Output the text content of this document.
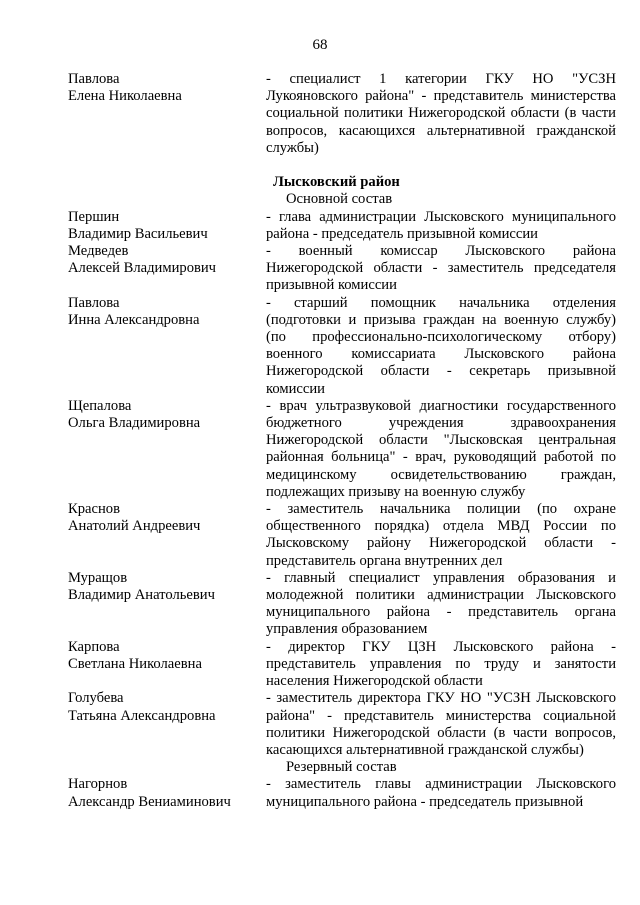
68
Павлова
Елена Николаевна
- специалист 1 категории ГКУ НО "УСЗН Лукояновского района" - представитель министерства социальной политики Нижегородской области (в части вопросов, касающихся альтернативной гражданской службы)
Лысковский район
Основной состав
Першин
Владимир Васильевич
- глава администрации Лысковского муниципального района - председатель призывной комиссии
Медведев
Алексей Владимирович
- военный комиссар Лысковского района Нижегородской области - заместитель председателя призывной комиссии
Павлова
Инна Александровна
- старший помощник начальника отделения (подготовки и призыва граждан на военную службу) (по профессионально-психологическому отбору) военного комиссариата Лысковского района Нижегородской области - секретарь призывной комиссии
Щепалова
Ольга Владимировна
- врач ультразвуковой диагностики государственного бюджетного учреждения здравоохранения Нижегородской области "Лысковская центральная районная больница" - врач, руководящий работой по медицинскому освидетельствованию граждан, подлежащих призыву на военную службу
Краснов
Анатолий Андреевич
- заместитель начальника полиции (по охране общественного порядка) отдела МВД России по Лысковскому району Нижегородской области - представитель органа внутренних дел
Муращов
Владимир Анатольевич
- главный специалист управления образования и молодежной политики администрации Лысковского муниципального района - представитель органа управления образованием
Карпова
Светлана Николаевна
- директор ГКУ ЦЗН Лысковского района - представитель управления по труду и занятости населения Нижегородской области
Голубева
Татьяна Александровна
- заместитель директора ГКУ НО "УСЗН Лысковского района" - представитель министерства социальной политики Нижегородской области (в части вопросов, касающихся альтернативной гражданской службы)
Резервный состав
Нагорнов
Александр Вениаминович
- заместитель главы администрации Лысковского муниципального района - председатель призывной
